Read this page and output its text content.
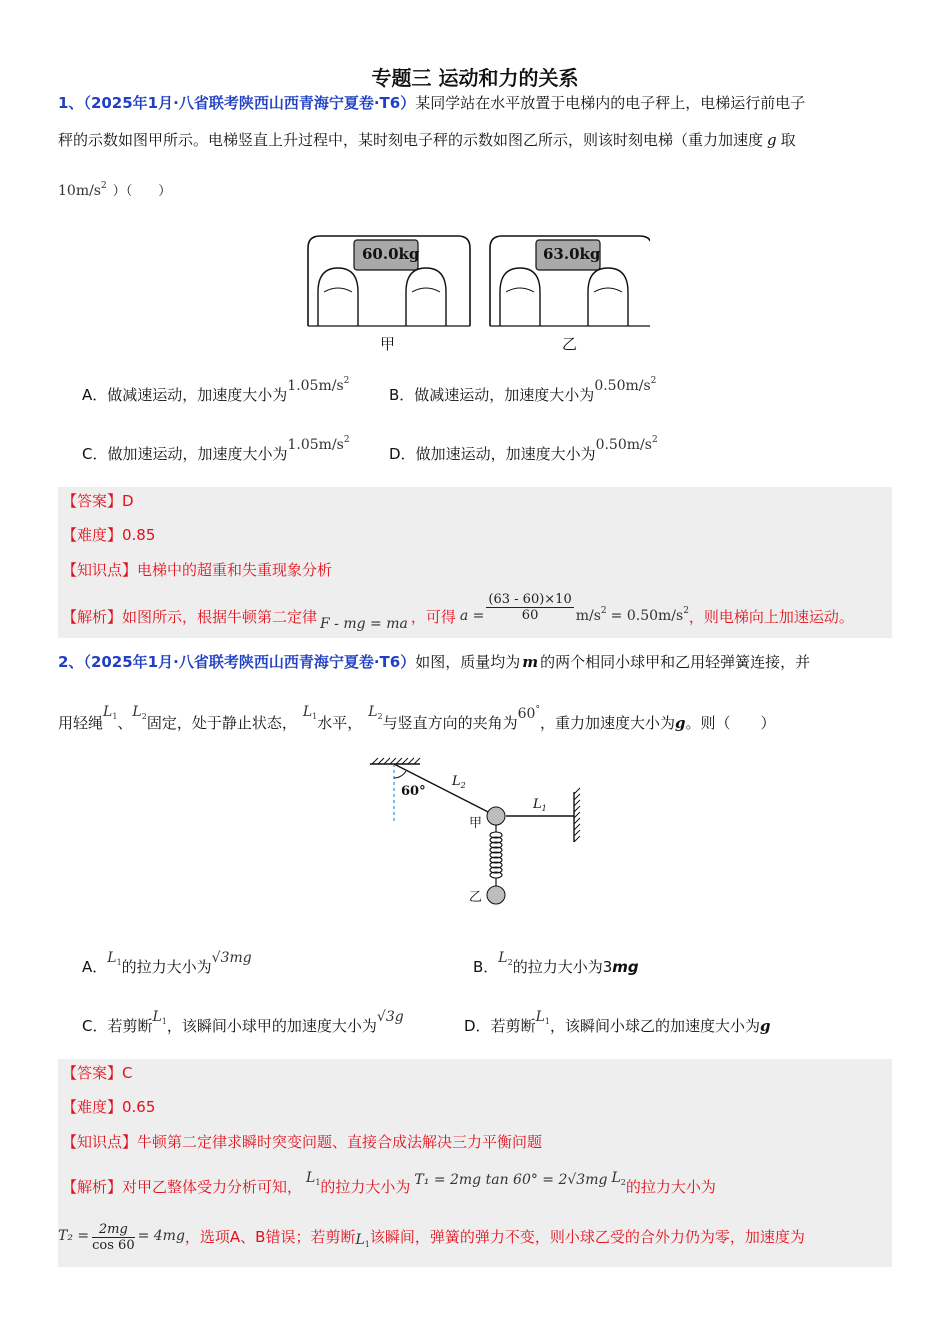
专题三 运动和力的关系
1、（2025年1月·八省联考陕西山西青海宁夏卷·T6）某同学站在水平放置于电梯内的电子秤上，电梯运行前电子
秤的示数如图甲所示。电梯竖直上升过程中，某时刻电子秤的示数如图乙所示，则该时刻电梯（重力加速度 g 取
$10m/s^2$ ）（　　）
60.0kg	63.0kg
甲	乙
A．做减速运动，加速度大小为$1.05m/s^2$
B．做减速运动，加速度大小为$0.50m/s^2$
C．做加速运动，加速度大小为$1.05m/s^2$
D．做加速运动，加速度大小为$0.50m/s^2$
【答案】D
【难度】0.85
【知识点】电梯中的超重和失重现象分析
【解析】如图所示，根据牛顿第二定律 F - mg = ma ，可得 $a = \frac{(63 - 60)\times 10}{60} m/s2 = 0.50m/s2$，则电梯向上加速运动。
2、（2025年1月·八省联考陕西山西青海宁夏卷·T6）如图，质量均为 m 的两个相同小球甲和乙用轻弹簧连接，并
用轻绳$L^1$、$L^2$固定，处于静止状态，$L^1$水平，$L^2$与竖直方向的夹角为60°，重力加速度大小为g。则（　　）
60°
$L_2$
$L_1$
甲
乙
A．$L^1$的拉力大小为√3mg	B．$L^2$的拉力大小为3mg
C．若剪断$L^1$，该瞬间小球甲的加速度大小为√3g	D．若剪断$L^1$，该瞬间小球乙的加速度大小为g
【答案】C
【难度】0.65
【知识点】牛顿第二定律求瞬时突变问题、直接合成法解决三力平衡问题
【解析】对甲乙整体受力分析可知， $L^1$的拉力大小为 T₁ = 2mg tan 60° = 2√3mg $L^2$的拉力大小为
$T_2 = \frac{2mg}{\cos 60} = 4mg$，选项A、B错误；若剪断$L_1$该瞬间，弹簧的弹力不变，则小球乙受的合外力仍为零，加速度为
